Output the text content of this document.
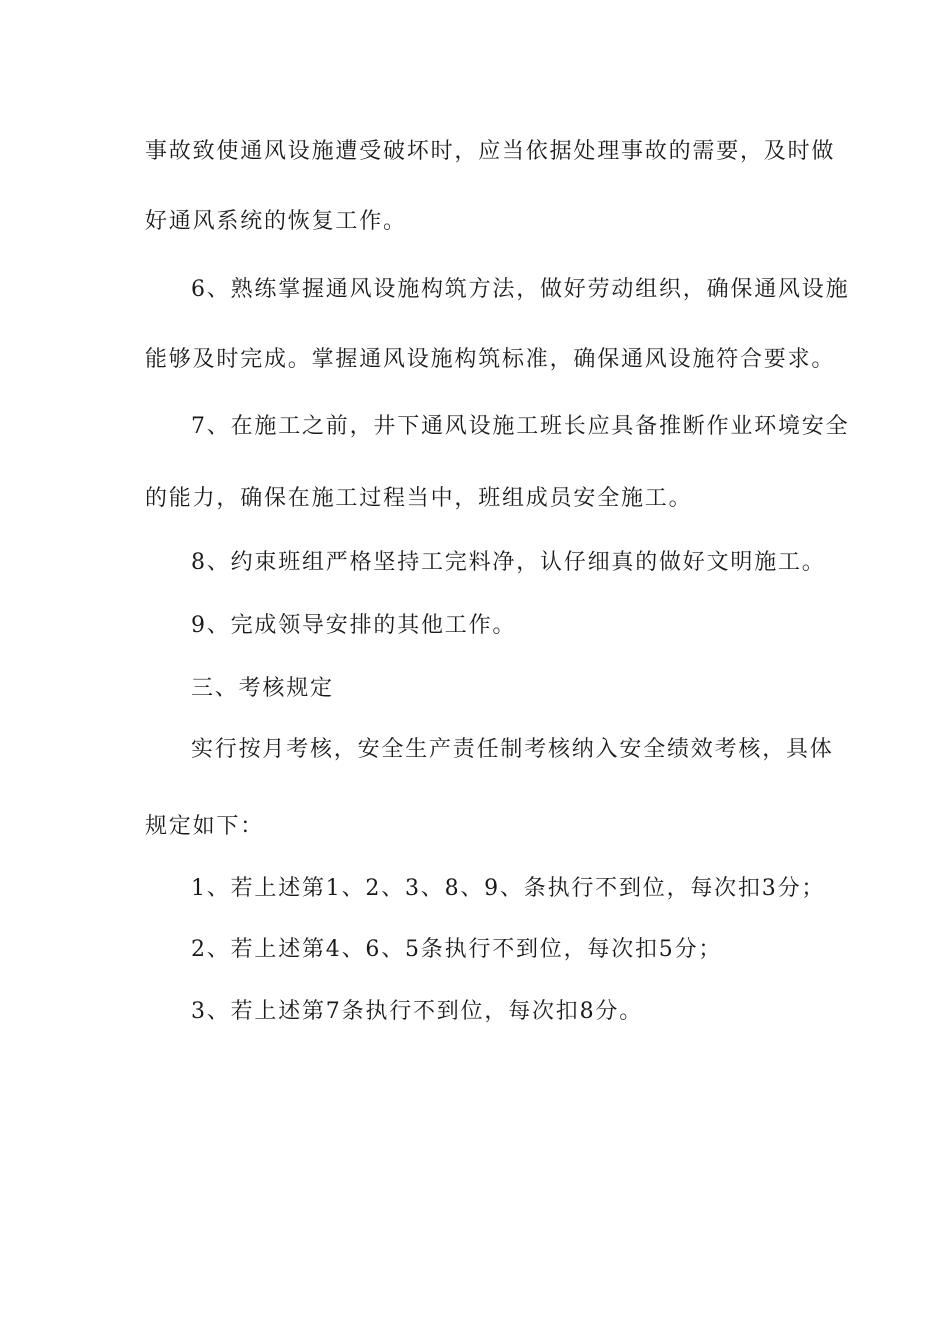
事故致使通风设施遭受破坏时，应当依据处理事故的需要，及时做
好通风系统的恢复工作。
6、熟练掌握通风设施构筑方法，做好劳动组织，确保通风设施
能够及时完成。掌握通风设施构筑标准，确保通风设施符合要求。
7、在施工之前，井下通风设施工班长应具备推断作业环境安全
的能力，确保在施工过程当中，班组成员安全施工。
8、约束班组严格坚持工完料净，认仔细真的做好文明施工。
9、完成领导安排的其他工作。
三、考核规定
实行按月考核，安全生产责任制考核纳入安全绩效考核，具体
规定如下：
1、若上述第1、2、3、8、9、条执行不到位，每次扣3分；
2、若上述第4、6、5条执行不到位，每次扣5分；
3、若上述第7条执行不到位，每次扣8分。
